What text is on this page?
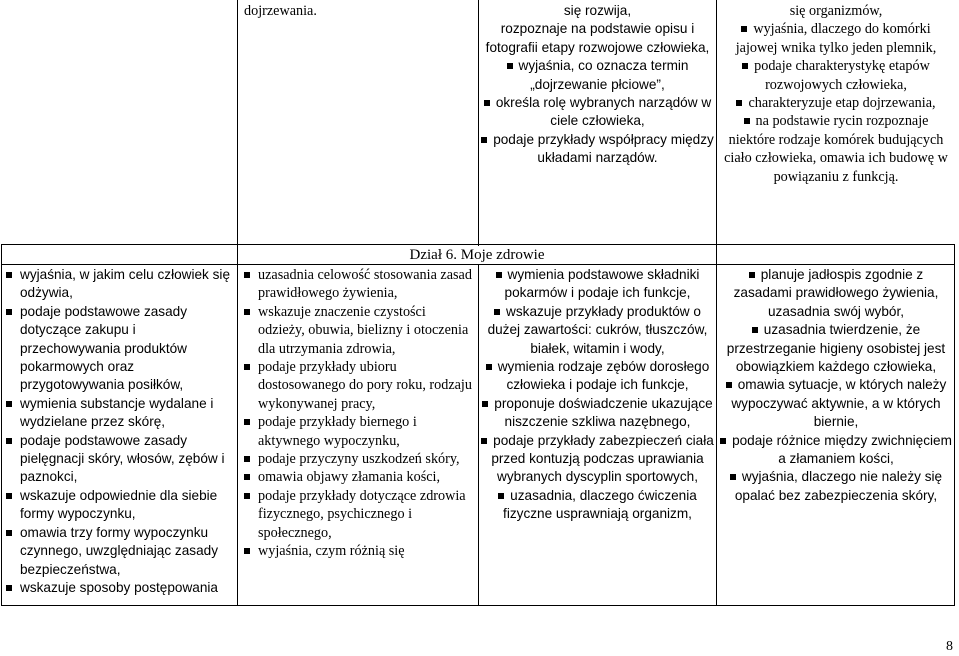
dojrzewania.	się rozwija,
rozpoznaje na podstawie opisu i fotografii etapy rozwojowe człowieka,
wyjaśnia, co oznacza termin „dojrzewanie płciowe”,
określa rolę wybranych narządów w ciele człowieka,
podaje przykłady współpracy między układami narządów.
się organizmów,
wyjaśnia, dlaczego do komórki jajowej wnika tylko jeden plemnik,
podaje charakterystykę etapów rozwojowych człowieka,
charakteryzuje etap dojrzewania,
na podstawie rycin rozpoznaje niektóre rodzaje komórek budujących ciało człowieka, omawia ich budowę w powiązaniu z funkcją.
Dział 6. Moje zdrowie
wyjaśnia, w jakim celu człowiek się odżywia,
podaje podstawowe zasady dotyczące zakupu i przechowywania produktów pokarmowych oraz przygotowywania posiłków,
wymienia substancje wydalane i wydzielane przez skórę,
podaje podstawowe zasady pielęgnacji skóry, włosów, zębów i paznokci,
wskazuje odpowiednie dla siebie formy wypoczynku,
omawia trzy formy wypoczynku czynnego, uwzględniając zasady bezpieczeństwa,
wskazuje sposoby postępowania
uzasadnia celowość stosowania zasad prawidłowego żywienia,
wskazuje znaczenie czystości odzieży, obuwia, bielizny i otoczenia dla utrzymania zdrowia,
podaje przykłady ubioru dostosowanego do pory roku, rodzaju wykonywanej pracy,
podaje przykłady biernego i aktywnego wypoczynku,
podaje przyczyny uszkodzeń skóry,
omawia objawy złamania kości,
podaje przykłady dotyczące zdrowia fizycznego, psychicznego i społecznego,
wyjaśnia, czym różnią się
wymienia podstawowe składniki pokarmów i podaje ich funkcje,
wskazuje przykłady produktów o dużej zawartości: cukrów, tłuszczów, białek, witamin i wody,
wymienia rodzaje zębów dorosłego człowieka i podaje ich funkcje,
proponuje doświadczenie ukazujące niszczenie szkliwa nazębnego,
podaje przykłady zabezpieczeń ciała przed kontuzją podczas uprawiania wybranych dyscyplin sportowych,
uzasadnia, dlaczego ćwiczenia fizyczne usprawniają organizm,
planuje jadłospis zgodnie z zasadami prawidłowego żywienia, uzasadnia swój wybór,
uzasadnia twierdzenie, że przestrzeganie higieny osobistej jest obowiązkiem każdego człowieka,
omawia sytuacje, w których należy wypoczywać aktywnie, a w których biernie,
podaje różnice między zwichnięciem a złamaniem kości,
wyjaśnia, dlaczego nie należy się opalać bez zabezpieczenia skóry,
8
